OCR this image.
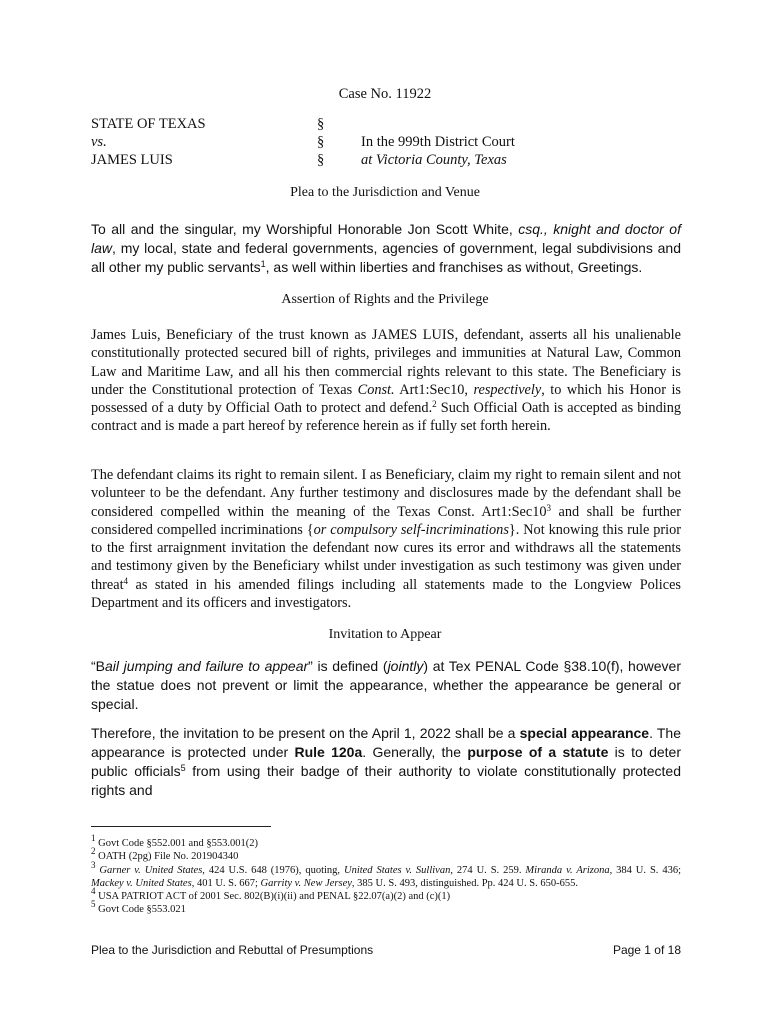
Case No. 11922
STATE OF TEXAS	§
vs.	§	In the 999th District Court
JAMES LUIS	§	at Victoria County, Texas
Plea to the Jurisdiction and Venue

To all and the singular, my Worshipful Honorable Jon Scott White, csq., knight and doctor of law, my local, state and federal governments, agencies of government, legal subdivisions and all other my public servants$^1$, as well within liberties and franchises as without, Greetings.

Assertion of Rights and the Privilege

James Luis, Beneficiary of the trust known as JAMES LUIS, defendant, asserts all his unalienable constitutionally protected secured bill of rights, privileges and immunities at Natural Law, Common Law and Maritime Law, and all his then commercial rights relevant to this state. The Beneficiary is under the Constitutional protection of Texas Const. Art1:Sec10, respectively, to which his Honor is possessed of a duty by Official Oath to protect and defend.$^2$ Such Official Oath is accepted as binding contract and is made a part hereof by reference herein as if fully set forth herein.

The defendant claims its right to remain silent. I as Beneficiary, claim my right to remain silent and not volunteer to be the defendant. Any further testimony and disclosures made by the defendant shall be considered compelled within the meaning of the Texas Const. $Art1:Sec10^3$ and shall be further considered compelled incriminations {or compulsory self-incriminations}. Not knowing this rule prior to the first arraignment invitation the defendant now cures its error and withdraws all the statements and testimony given by the Beneficiary whilst under investigation as such testimony was given under threat$^4$ as stated in his amended filings including all statements made to the Longview Polices Department and its officers and investigators.

Invitation to Appear

“Bail jumping and failure to appear” is defined (jointly) at Tex PENAL Code §38.10(f), however the statue does not prevent or limit the appearance, whether the appearance be general or special.

Therefore, the invitation to be present on the April 1, 2022 shall be a special appearance. The appearance is protected under Rule 120a. Generally, the purpose of a statute is to deter public officials$^5$ from using their badge of their authority to violate constitutionally protected rights and

$^1$ Govt Code §552.001 and §553.001(2)
$^2$ OATH (2pg) File No. 201904340
$^3$ Garner v. United States, 424 U.S. 648 (1976), quoting, United States v. Sullivan, 274 U. S. 259. Miranda v. Arizona, 384 U. S. 436; Mackey v. United States, 401 U. S. 667; Garrity v. New Jersey, 385 U. S. 493, distinguished. Pp. 424 U. S. 650-655.
$^4$ USA PATRIOT ACT of 2001 Sec. 802(B)(i)(ii) and PENAL §22.07(a)(2) and (c)(1)
$^5$ Govt Code §553.021
Plea to the Jurisdiction and Rebuttal of Presumptions	Page 1 of 18
